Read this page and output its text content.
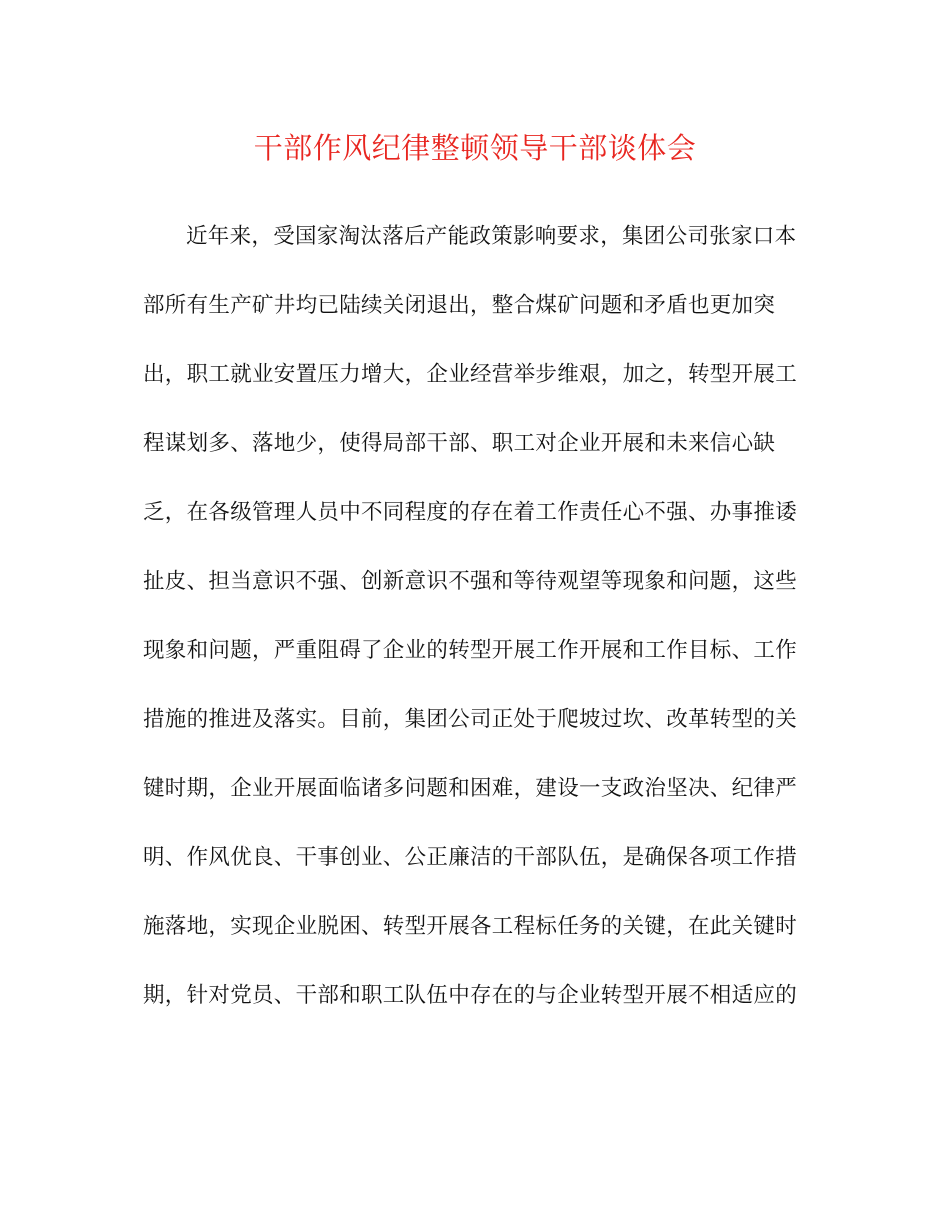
干部作风纪律整顿领导干部谈体会
近年来，受国家淘汰落后产能政策影响要求，集团公司张家口本
部所有生产矿井均已陆续关闭退出，整合煤矿问题和矛盾也更加突
出，职工就业安置压力增大，企业经营举步维艰，加之，转型开展工
程谋划多、落地少，使得局部干部、职工对企业开展和未来信心缺
乏，在各级管理人员中不同程度的存在着工作责任心不强、办事推诿
扯皮、担当意识不强、创新意识不强和等待观望等现象和问题，这些
现象和问题，严重阻碍了企业的转型开展工作开展和工作目标、工作
措施的推进及落实。目前，集团公司正处于爬坡过坎、改革转型的关
键时期，企业开展面临诸多问题和困难，建设一支政治坚决、纪律严
明、作风优良、干事创业、公正廉洁的干部队伍，是确保各项工作措
施落地，实现企业脱困、转型开展各工程标任务的关键，在此关键时
期，针对党员、干部和职工队伍中存在的与企业转型开展不相适应的
